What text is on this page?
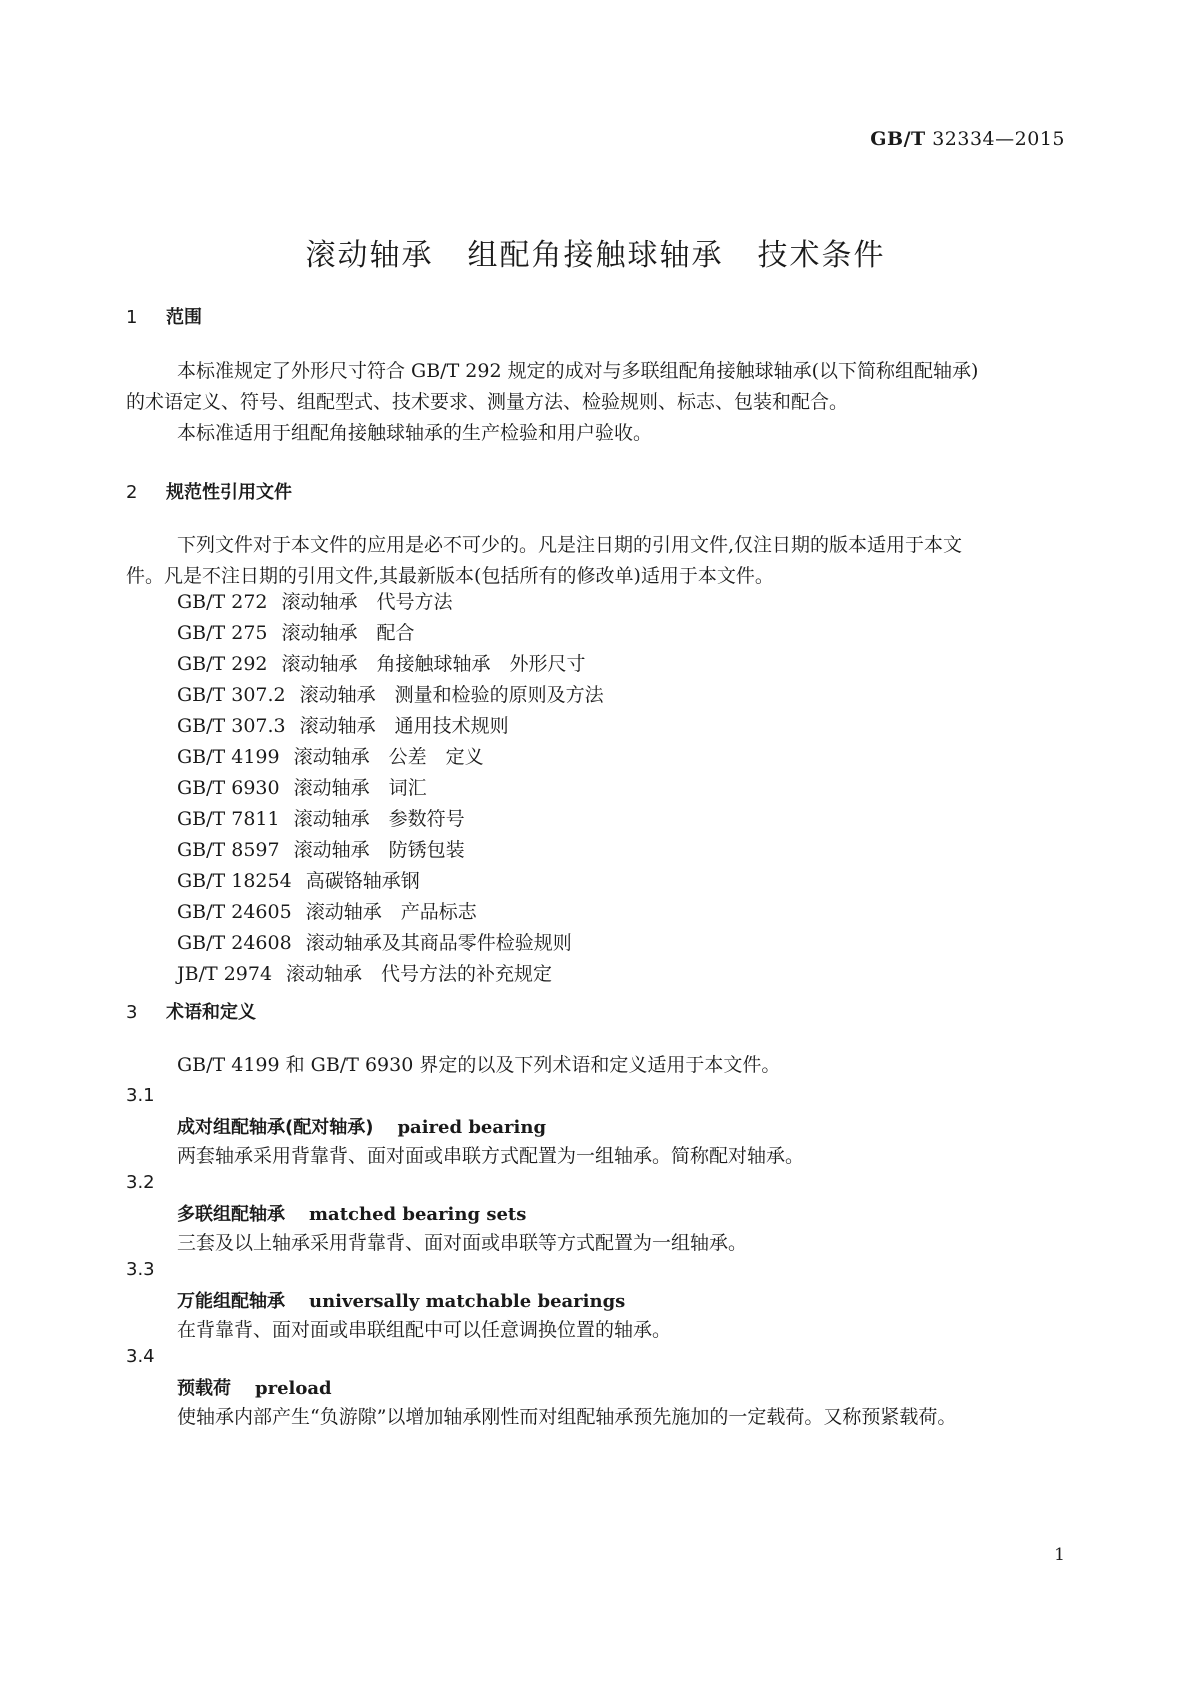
GB/T 32334—2015
滚动轴承 组配角接触球轴承 技术条件
1 范围
本标准规定了外形尺寸符合 GB/T 292 规定的成对与多联组配角接触球轴承(以下简称组配轴承)
的术语定义、符号、组配型式、技术要求、测量方法、检验规则、标志、包装和配合。
本标准适用于组配角接触球轴承的生产检验和用户验收。
2 规范性引用文件
下列文件对于本文件的应用是必不可少的。凡是注日期的引用文件,仅注日期的版本适用于本文
件。凡是不注日期的引用文件,其最新版本(包括所有的修改单)适用于本文件。
GB/T 272 滚动轴承　代号方法
GB/T 275 滚动轴承　配合
GB/T 292 滚动轴承　角接触球轴承　外形尺寸
GB/T 307.2 滚动轴承　测量和检验的原则及方法
GB/T 307.3 滚动轴承　通用技术规则
GB/T 4199 滚动轴承　公差　定义
GB/T 6930 滚动轴承　词汇
GB/T 7811 滚动轴承　参数符号
GB/T 8597 滚动轴承　防锈包装
GB/T 18254 高碳铬轴承钢
GB/T 24605 滚动轴承　产品标志
GB/T 24608 滚动轴承及其商品零件检验规则
JB/T 2974 滚动轴承　代号方法的补充规定
3 术语和定义
GB/T 4199 和 GB/T 6930 界定的以及下列术语和定义适用于本文件。
3.1
成对组配轴承(配对轴承) paired bearing
两套轴承采用背靠背、面对面或串联方式配置为一组轴承。简称配对轴承。
3.2
多联组配轴承 matched bearing sets
三套及以上轴承采用背靠背、面对面或串联等方式配置为一组轴承。
3.3
万能组配轴承 universally matchable bearings
在背靠背、面对面或串联组配中可以任意调换位置的轴承。
3.4
预载荷 preload
使轴承内部产生“负游隙”以增加轴承刚性而对组配轴承预先施加的一定载荷。又称预紧载荷。
1
